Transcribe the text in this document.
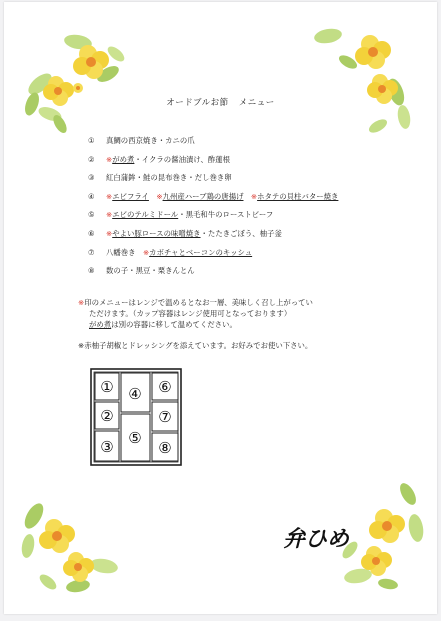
オードブルお節 メニュー
① 真鯛の西京焼き・カニの爪
② ※がめ煮・イクラの醤油漬け、酢蓮根
③ 紅白蒲鉾・鮭の昆布巻き・だし巻き卵
④ ※エビフライ　 ※九州産ハーブ鶏の唐揚げ　 ※ホタテの貝柱バター焼き
⑤ ※エビのテルミドール・黒毛和牛のローストビーフ
⑥ ※やよい豚ロースの味噌焼き・たたきごぼう、柚子釜
⑦ 八幡巻き　※カボチャとベーコンのキッシュ
⑧ 数の子・黒豆・栗きんとん
※印のメニューはレンジで温めるとなお一層、美味しく召し上がってい
ただけます。（カップ容器はレンジ使用可となっております）
がめ煮は別の容器に移して温めてください。
※赤柚子胡椒とドレッシングを添えています。お好みでお使い下さい。
①
②
③
④
⑤
⑥
⑦
⑧
弁ひめ
